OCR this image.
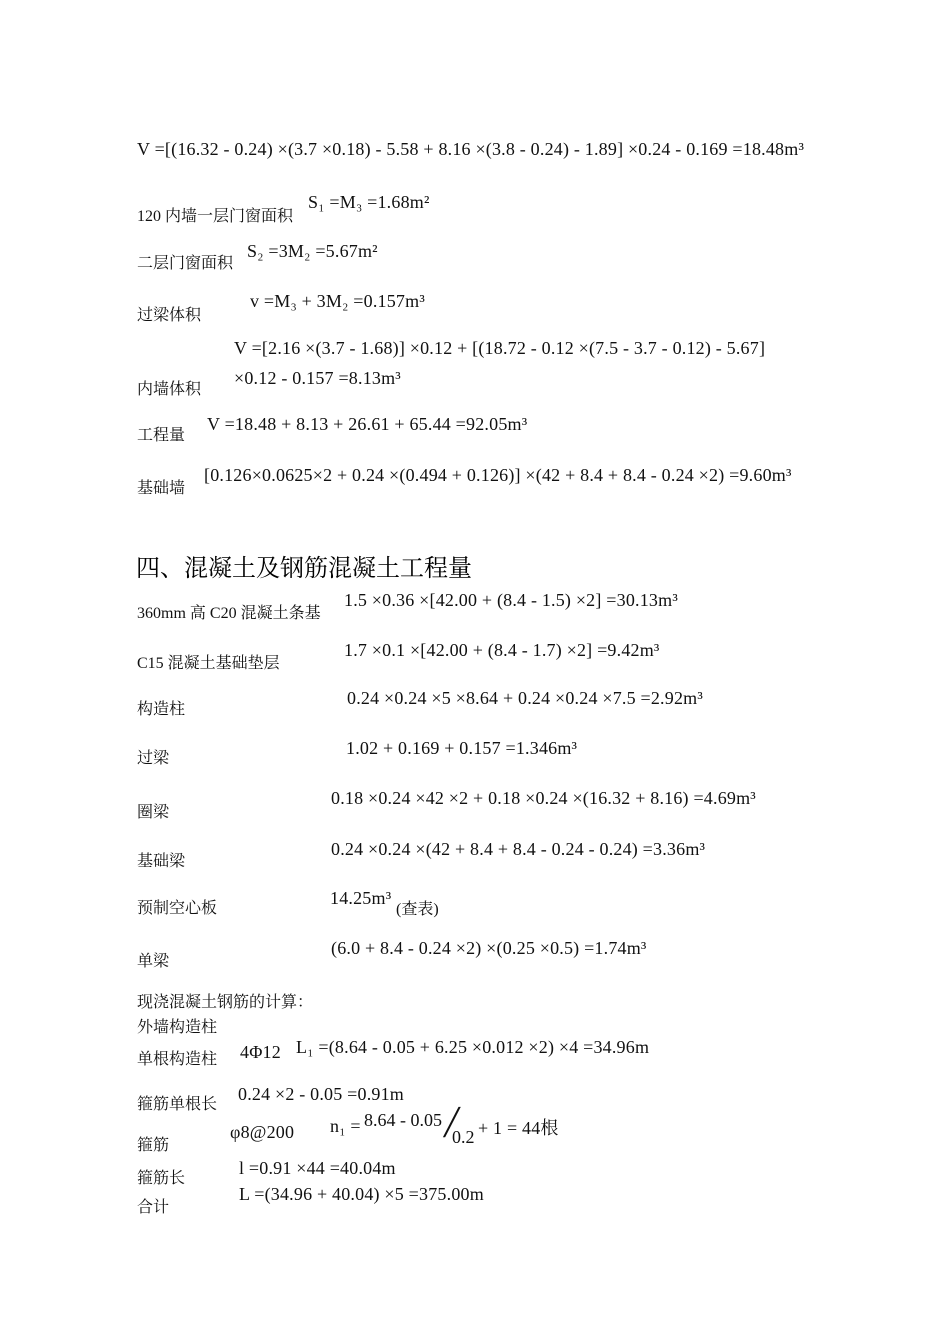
V =[(16.32 - 0.24) ×(3.7 ×0.18) - 5.58 + 8.16 ×(3.8 - 0.24) - 1.89] ×0.24 - 0.169 =18.48m³
120 内墙一层门窗面积
S₁ =M₃ =1.68m²
二层门窗面积
S₂ =3M₂ =5.67m²
过梁体积
v =M₃ + 3M₂ =0.157m³
V =[2.16 ×(3.7 - 1.68)] ×0.12 + [(18.72 - 0.12 ×(7.5 - 3.7 - 0.12) - 5.67]
内墙体积
×0.12 - 0.157 =8.13m³
工程量
V =18.48 + 8.13 + 26.61 + 65.44 =92.05m³
基础墙
[0.126×0.0625×2 + 0.24 ×(0.494 + 0.126)] ×(42 + 8.4 + 8.4 - 0.24 ×2) =9.60m³
四、混凝土及钢筋混凝土工程量
360mm 高 C20 混凝土条基
1.5 ×0.36 ×[42.00 + (8.4 - 1.5) ×2] =30.13m³
C15 混凝土基础垫层
1.7 ×0.1 ×[42.00 + (8.4 - 1.7) ×2] =9.42m³
构造柱
0.24 ×0.24 ×5 ×8.64 + 0.24 ×0.24 ×7.5 =2.92m³
过梁
1.02 + 0.169 + 0.157 =1.346m³
圈梁
0.18 ×0.24 ×42 ×2 + 0.18 ×0.24 ×(16.32 + 8.16) =4.69m³
基础梁
0.24 ×0.24 ×(42 + 8.4 + 8.4 - 0.24 - 0.24) =3.36m³
预制空心板
14.25m³
(查表)
单梁
(6.0 + 8.4 - 0.24 ×2) ×(0.25 ×0.5) =1.74m³
现浇混凝土钢筋的计算：
外墙构造柱
单根构造柱 4Φ12 L₁ =(8.64 - 0.05 + 6.25 ×0.012 ×2) ×4 =34.96m
箍筋单根长
0.24 ×2 - 0.05 =0.91m
箍筋
φ8@200 n₁ = 8.64 - 0.05 ╱
0.2 + 1 = 44根
箍筋长
l =0.91 ×44 =40.04m
合计
L =(34.96 + 40.04) ×5 =375.00m
